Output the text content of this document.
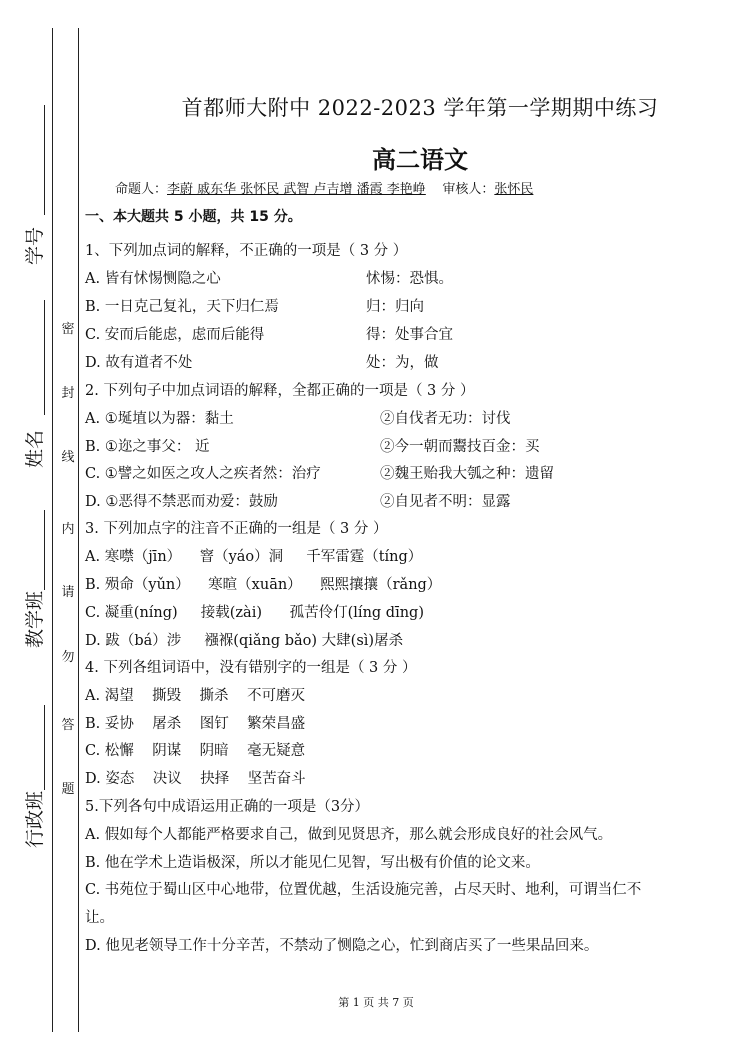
学号
姓名
教学班
行政班
密
封
线
内
请
勿
答
题
首都师大附中 2022-2023 学年第一学期期中练习
高二语文
命题人：李蔚 戚东华 张怀民 武智 卢吉增 潘霞 李艳峥 审核人：张怀民
一、本大题共 5 小题，共 15 分。
1、下列加点词的解释，不正确的一项是（ 3 分 ）
A. 皆有怵惕恻隐之心	怵惕：恐惧。
B. 一日克己复礼，天下归仁焉	归：归向
C. 安而后能虑，虑而后能得	得：处事合宜
D. 故有道者不处	处：为，做
2. 下列句子中加点词语的解释，全都正确的一项是（ 3 分 ）
A. ①埏埴以为器：黏土	②自伐者无功：讨伐
B. ①迩之事父： 近	②今一朝而鬻技百金：买
C. ①譬之如医之攻人之疾者然：治疗	②魏王贻我大瓠之种：遗留
D. ①恶得不禁恶而劝爱：鼓励	②自见者不明：显露
3. 下列加点字的注音不正确的一组是（ 3 分 ）
A. 寒噤（jīn）    窨（yáo）洞     千军雷霆（tíng）
B. 殒命（yǔn）    寒暄（xuān）    熙熙攘攘（rǎng）
C. 凝重(níng)     接载(zài)      孤苦伶仃(líng dīng)
D. 跋（bá）涉     襁褓(qiǎng bǎo) 大肆(sì)屠杀
4. 下列各组词语中，没有错别字的一组是（ 3 分 ）
A. 渴望    撕毁    撕杀    不可磨灭
B. 妥协    屠杀    图钉    繁荣昌盛
C. 松懈    阴谋    阴暗    毫无疑意
D. 姿态    决议    抉择    坚苦奋斗
5.下列各句中成语运用正确的一项是（3分）
A. 假如每个人都能严格要求自己，做到见贤思齐，那么就会形成良好的社会风气。
B. 他在学术上造诣极深，所以才能见仁见智，写出极有价值的论文来。
C. 书苑位于蜀山区中心地带，位置优越，生活设施完善，占尽天时、地利，可谓当仁不
让。
D. 他见老领导工作十分辛苦，不禁动了恻隐之心，忙到商店买了一些果品回来。
第 1 页 共 7 页
